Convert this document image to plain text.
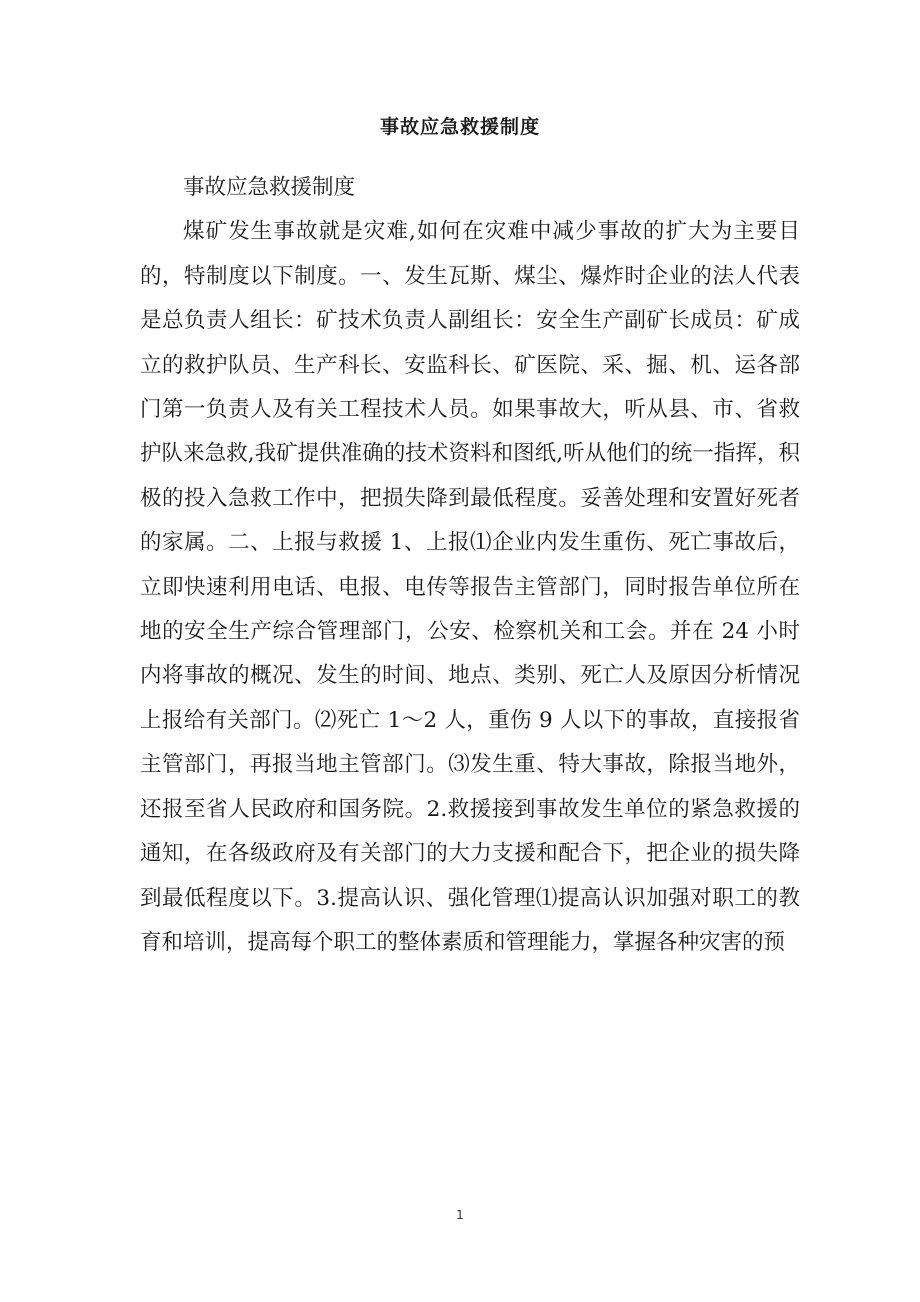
事故应急救援制度

事故应急救援制度

煤矿发生事故就是灾难,如何在灾难中减少事故的扩大为主要目的，特制度以下制度。一、发生瓦斯、煤尘、爆炸时企业的法人代表是总负责人组长：矿技术负责人副组长：安全生产副矿长成员：矿成立的救护队员、生产科长、安监科长、矿医院、采、掘、机、运各部门第一负责人及有关工程技术人员。如果事故大，听从县、市、省救护队来急救,我矿提供准确的技术资料和图纸,听从他们的统一指挥，积极的投入急救工作中，把损失降到最低程度。妥善处理和安置好死者的家属。二、上报与救援 1、上报⑴企业内发生重伤、死亡事故后，立即快速利用电话、电报、电传等报告主管部门，同时报告单位所在地的安全生产综合管理部门，公安、检察机关和工会。并在 24 小时内将事故的概况、发生的时间、地点、类别、死亡人及原因分析情况上报给有关部门。⑵死亡 1～2 人，重伤 9 人以下的事故，直接报省主管部门，再报当地主管部门。⑶发生重、特大事故，除报当地外，还报至省人民政府和国务院。2.救援接到事故发生单位的紧急救援的通知，在各级政府及有关部门的大力支援和配合下，把企业的损失降到最低程度以下。3.提高认识、强化管理⑴提高认识加强对职工的教育和培训，提高每个职工的整体素质和管理能力，掌握各种灾害的预

1
